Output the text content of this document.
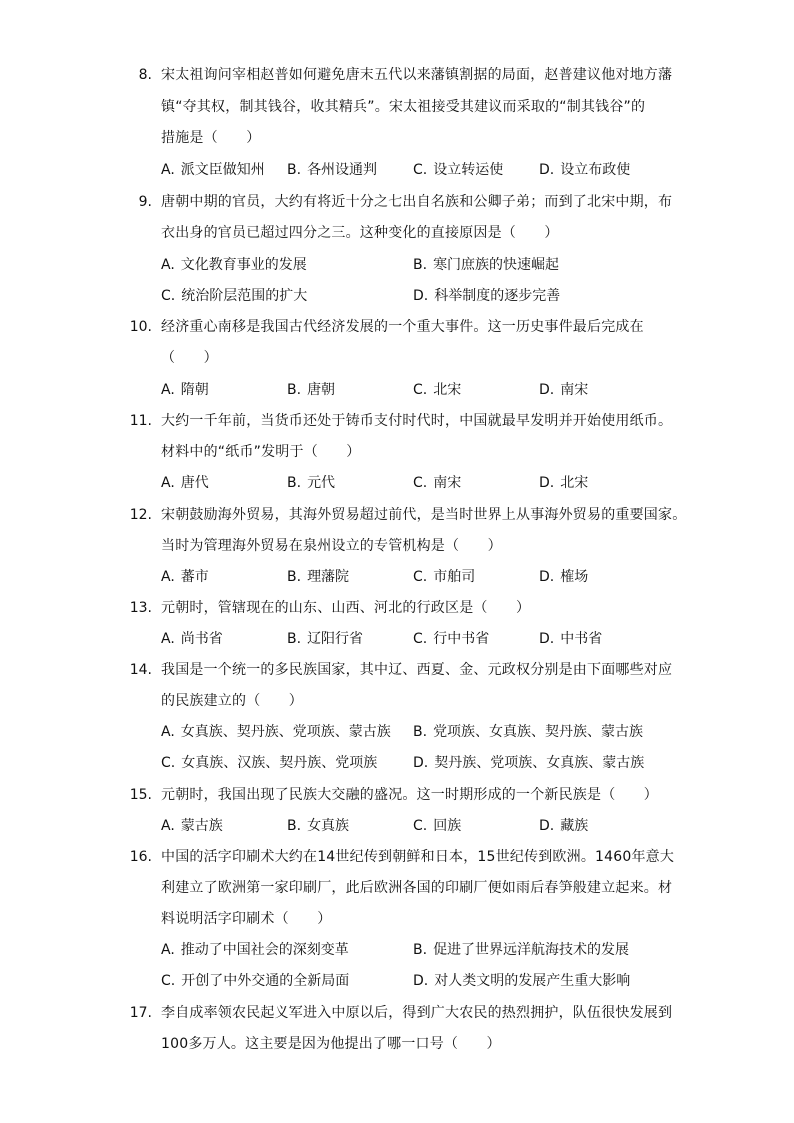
8. 宋太祖询问宰相赵普如何避免唐末五代以来藩镇割据的局面，赵普建议他对地方藩
镇“夺其权，制其钱谷，收其精兵”。宋太祖接受其建议而采取的“制其钱谷”的
措施是（　　）
A. 派文臣做知州 B. 各州设通判	C. 设立转运使	D. 设立布政使
9. 唐朝中期的官员，大约有将近十分之七出自名族和公卿子弟；而到了北宋中期，布
衣出身的官员已超过四分之三。这种变化的直接原因是（　　）
A. 文化教育事业的发展	B. 寒门庶族的快速崛起
C. 统治阶层范围的扩大	D. 科举制度的逐步完善
10. 经济重心南移是我国古代经济发展的一个重大事件。这一历史事件最后完成在
（　　）
A. 隋朝	B. 唐朝	C. 北宋	D. 南宋
11. 大约一千年前，当货币还处于铸币支付时代时，中国就最早发明并开始使用纸币。
材料中的“纸币”发明于（　　）
A. 唐代	B. 元代	C. 南宋	D. 北宋
12. 宋朝鼓励海外贸易，其海外贸易超过前代，是当时世界上从事海外贸易的重要国家。
当时为管理海外贸易在泉州设立的专管机构是（　　）
A. 蕃市	B. 理藩院	C. 市舶司	D. 榷场
13. 元朝时，管辖现在的山东、山西、河北的行政区是（　　）
A. 尚书省	B. 辽阳行省	C. 行中书省	D. 中书省
14. 我国是一个统一的多民族国家，其中辽、西夏、金、元政权分别是由下面哪些对应
的民族建立的（　　）
A. 女真族、契丹族、党项族、蒙古族 B. 党项族、女真族、契丹族、蒙古族
C. 女真族、汉族、契丹族、党项族	D. 契丹族、党项族、女真族、蒙古族
15. 元朝时，我国出现了民族大交融的盛况。这一时期形成的一个新民族是（　　）
A. 蒙古族	B. 女真族	C. 回族	D. 藏族
16. 中国的活字印刷术大约在14世纪传到朝鲜和日本，15世纪传到欧洲。1460年意大
利建立了欧洲第一家印刷厂，此后欧洲各国的印刷厂便如雨后春笋般建立起来。材
料说明活字印刷术（　　）
A. 推动了中国社会的深刻变革	B. 促进了世界远洋航海技术的发展
C. 开创了中外交通的全新局面	D. 对人类文明的发展产生重大影响
17. 李自成率领农民起义军进入中原以后，得到广大农民的热烈拥护，队伍很快发展到
100多万人。这主要是因为他提出了哪一口号（　　）
